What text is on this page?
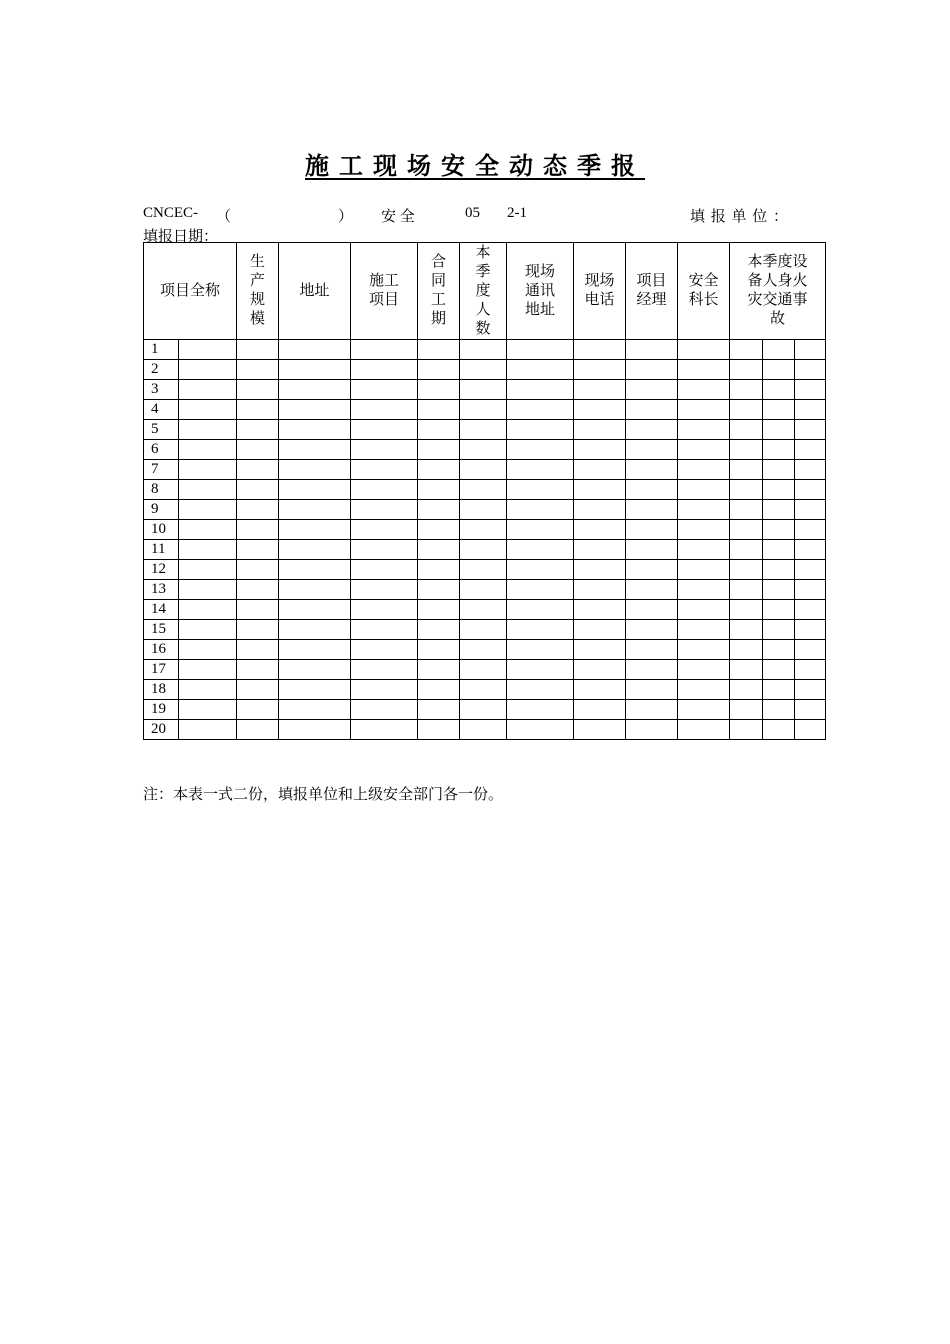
施工现场安全动态季报
CNCEC- （	） 安 全	05 2-1	填 报 单 位 ：
填报日期：
项目全称		生产规模	地址	施工项目	合同工期	本季度人数	现场通讯地址	现场电话	项目经理	安全科长	本季度设备人身火灾交通事故		
1													
2													
3													
4													
5													
6													
7													
8													
9													
10													
11													
12													
13													
14													
15													
16													
17													
18													
19													
20													
注：本表一式二份，填报单位和上级安全部门各一份。
